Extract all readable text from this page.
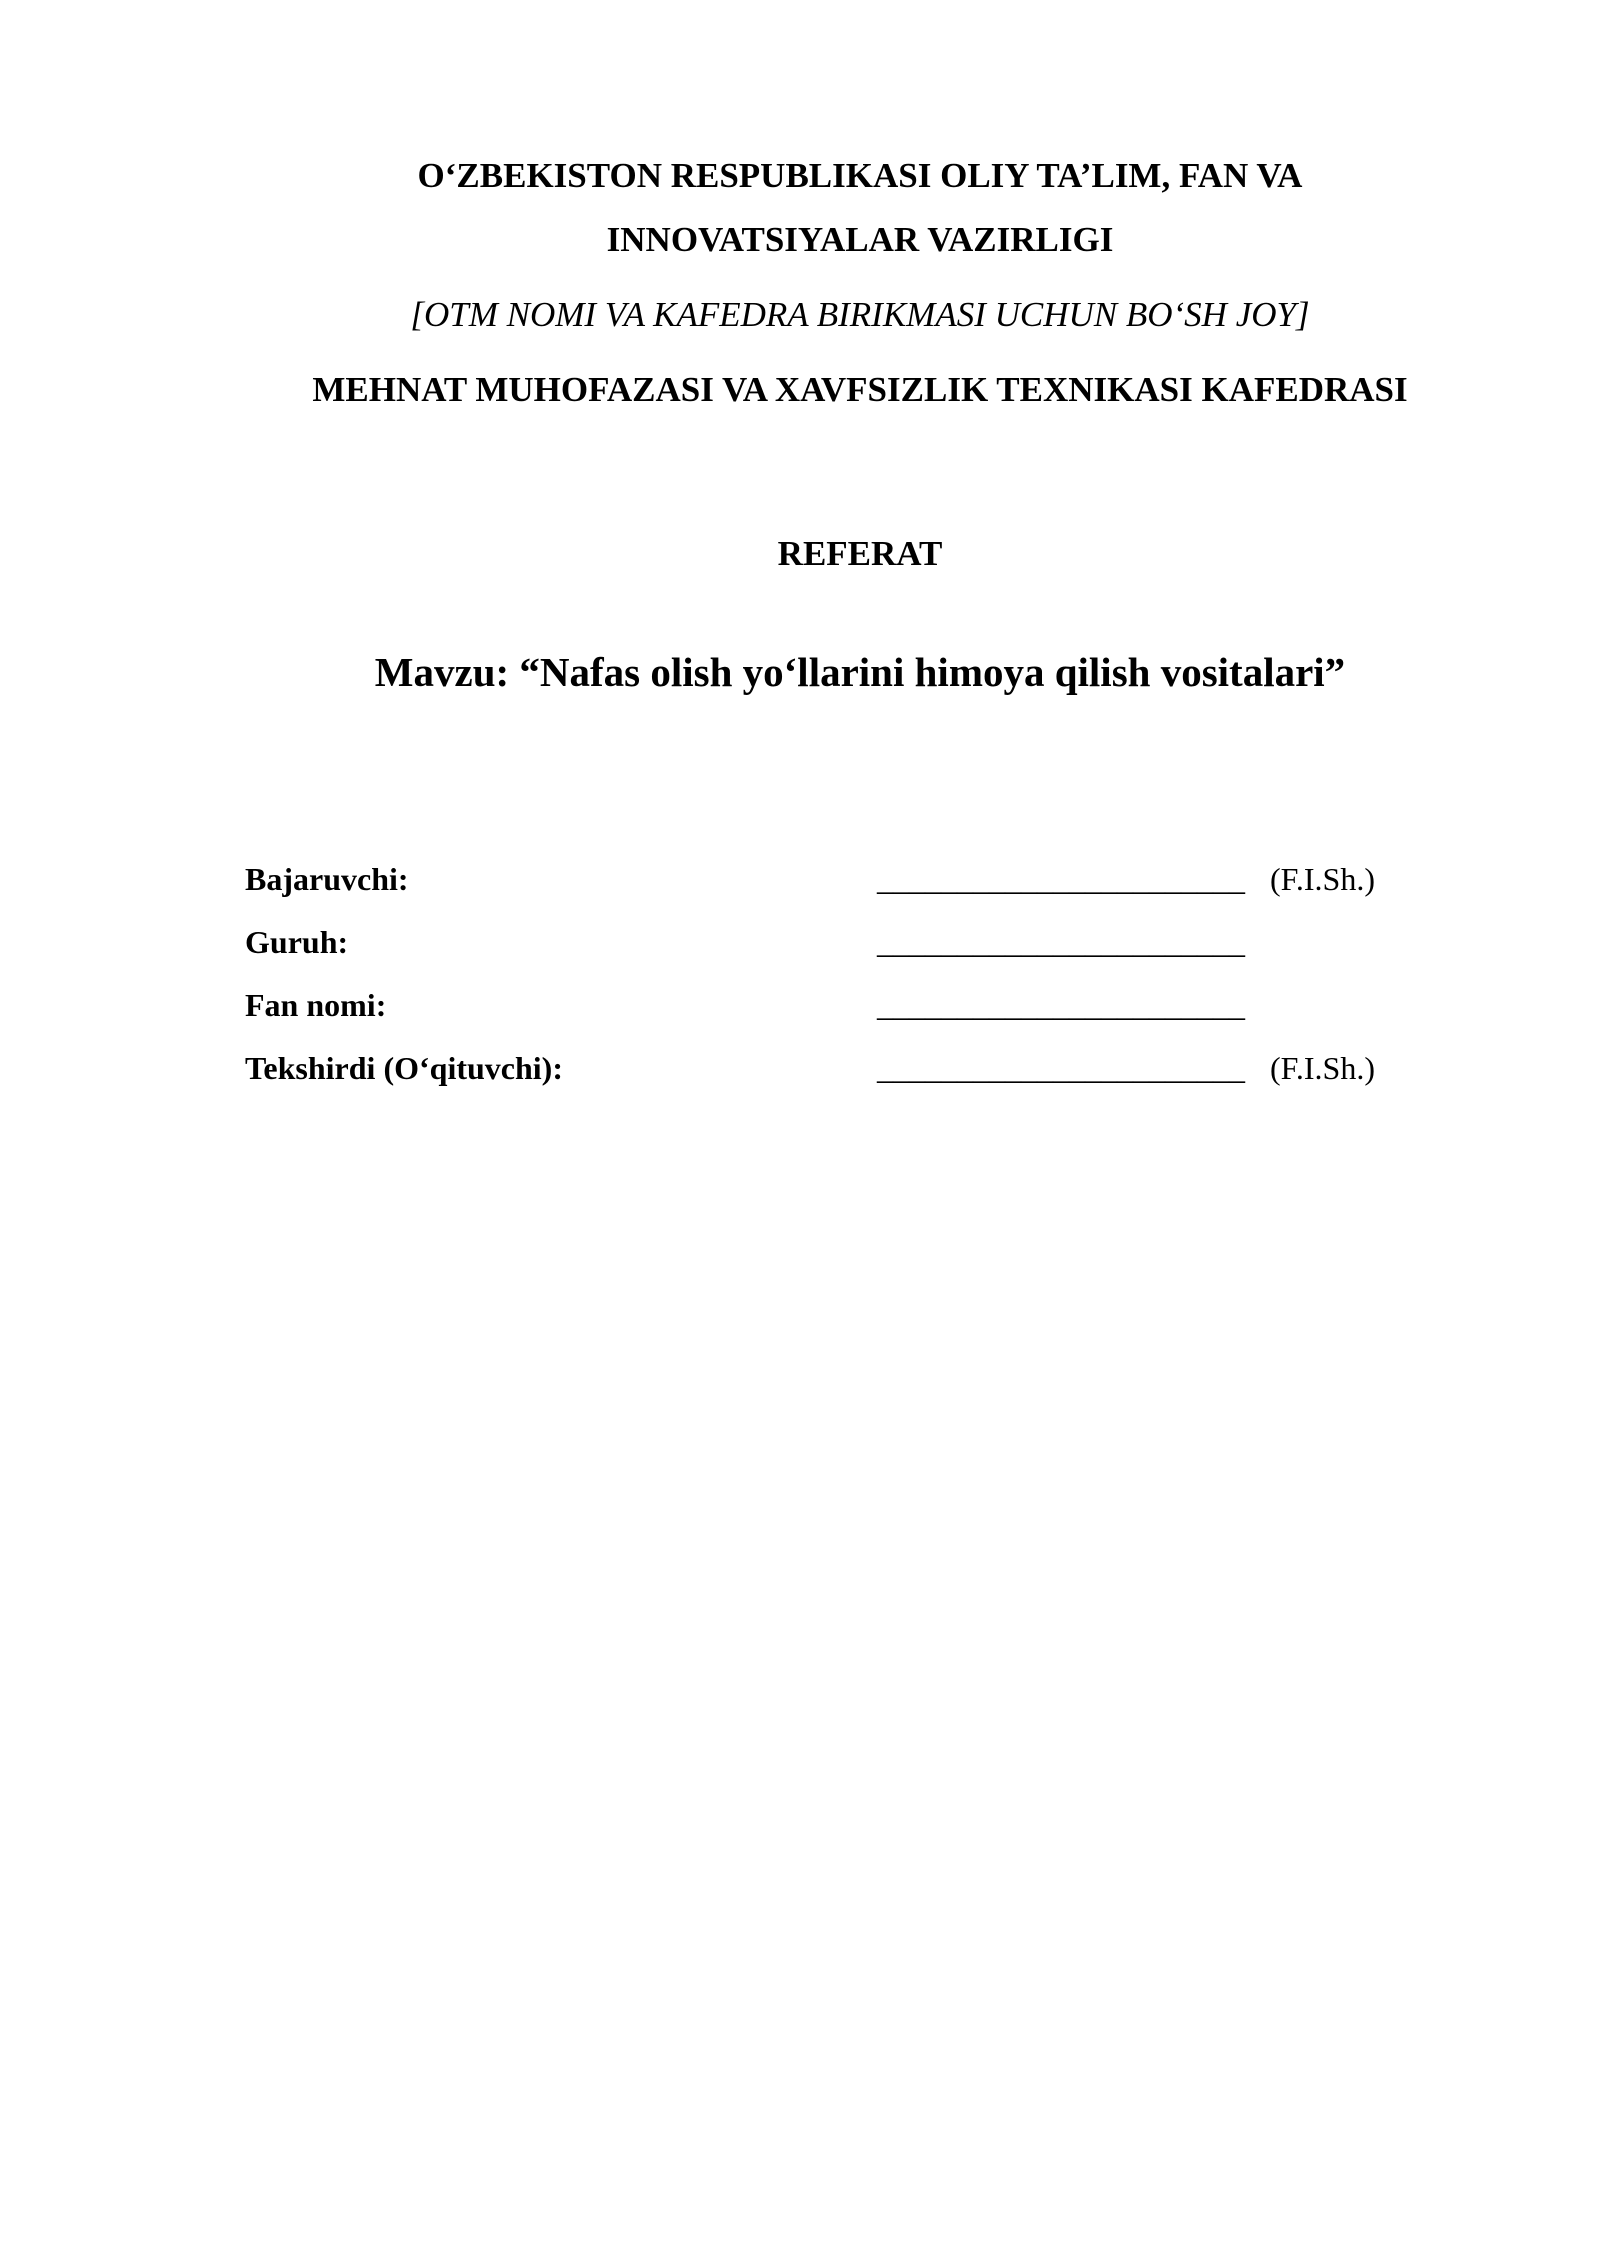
O‘ZBEKISTON RESPUBLIKASI OLIY TA’LIM, FAN VA
INNOVATSIYALAR VAZIRLIGI
[OTM NOMI VA KAFEDRA BIRIKMASI UCHUN BO‘SH JOY]
MEHNAT MUHOFAZASI VA XAVFSIZLIK TEXNIKASI KAFEDRASI
REFERAT
Mavzu: “Nafas olish yo‘llarini himoya qilish vositalari”
Bajaruvchi:	_______________________ (F.I.Sh.)
Guruh:	_______________________
Fan nomi:	_______________________
Tekshirdi (O‘qituvchi):	_______________________ (F.I.Sh.)
